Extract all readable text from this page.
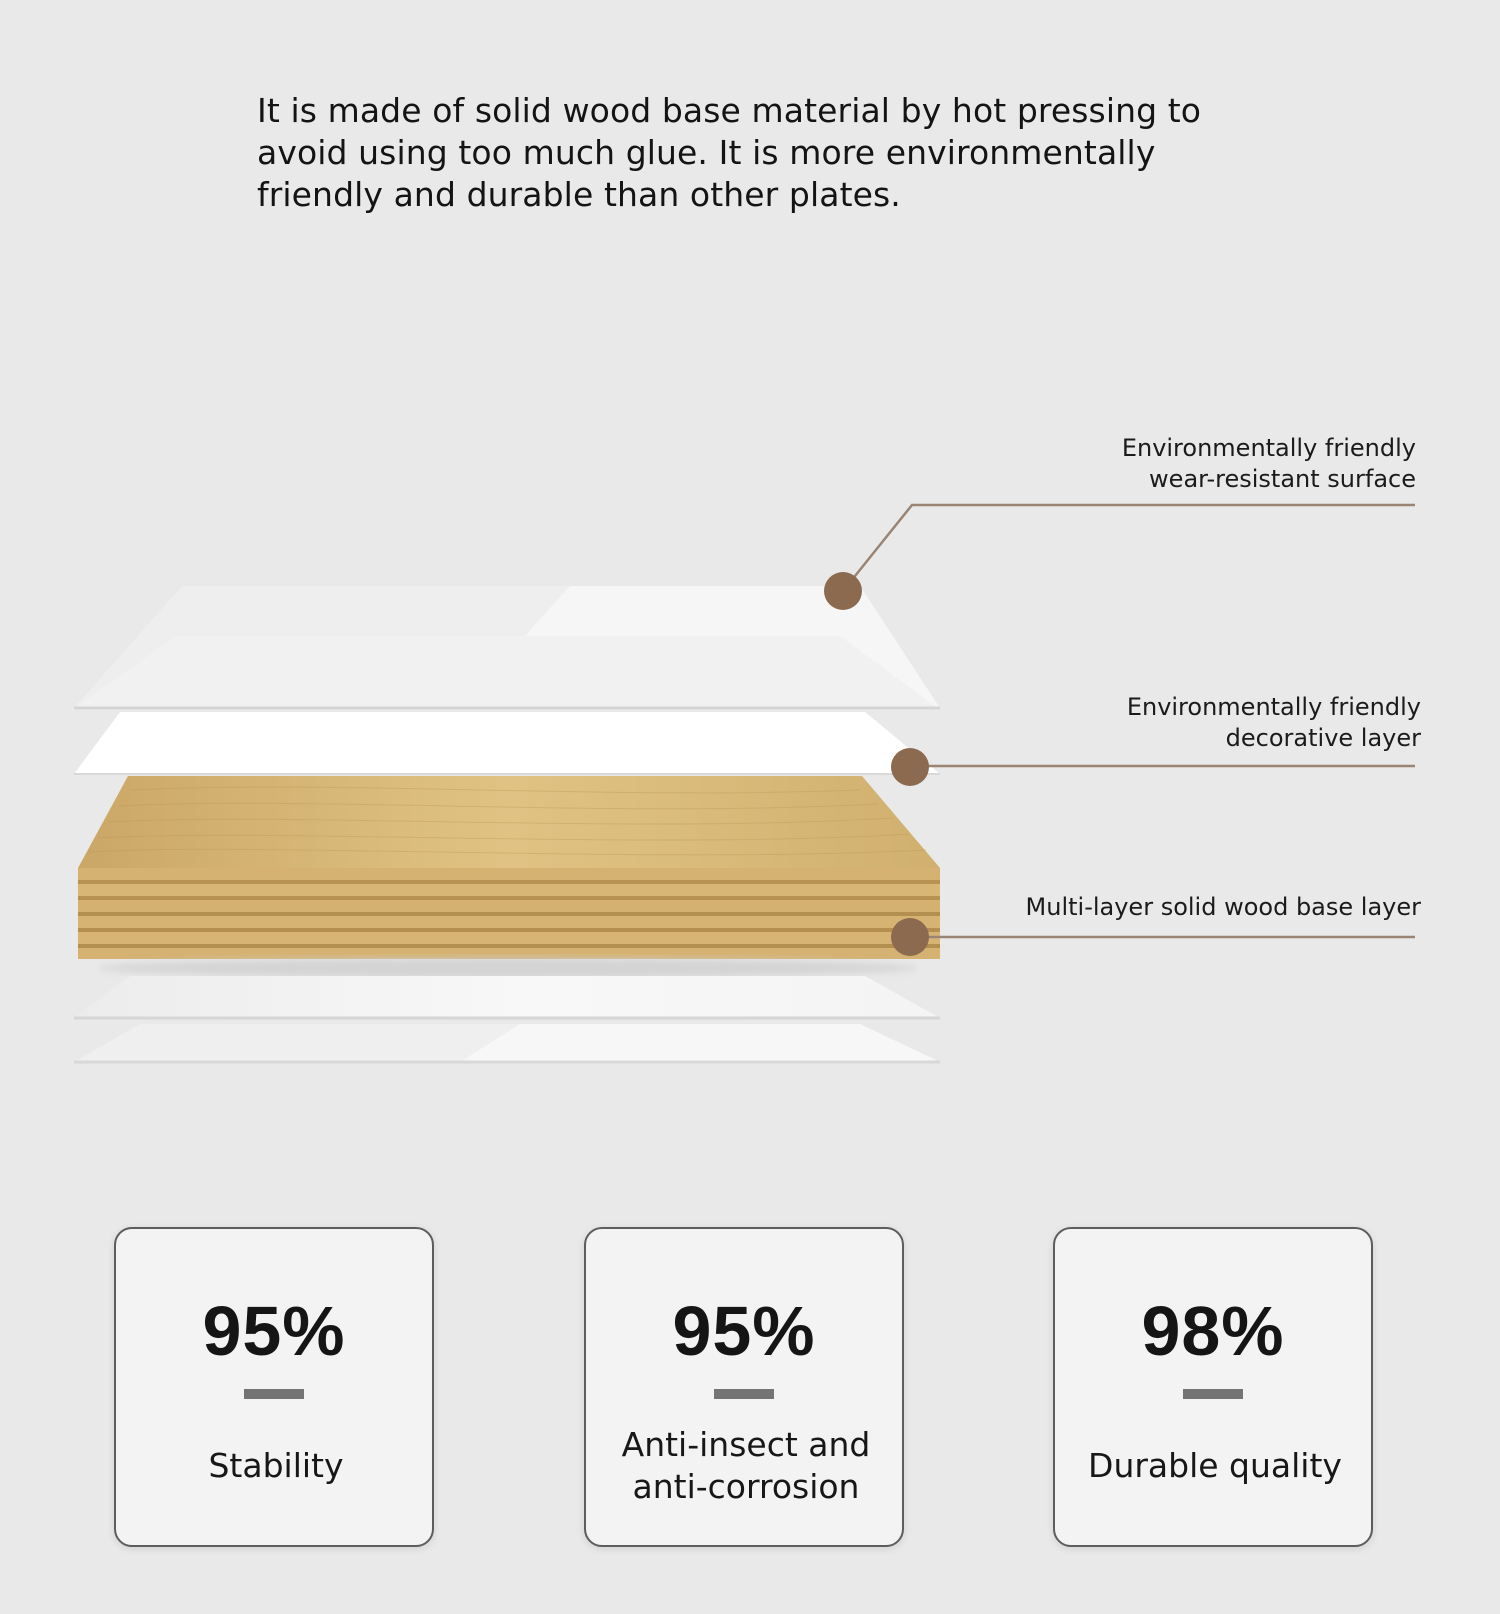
It is made of solid wood base material by hot pressing to avoid using too much glue. It is more environmentally friendly and durable than other plates.

Environmentally friendly
wear-resistant surface
Environmentally friendly
decorative layer
Multi-layer solid wood base layer
95%
Stability
95%
Anti-insect and anti-corrosion
98%
Durable quality
